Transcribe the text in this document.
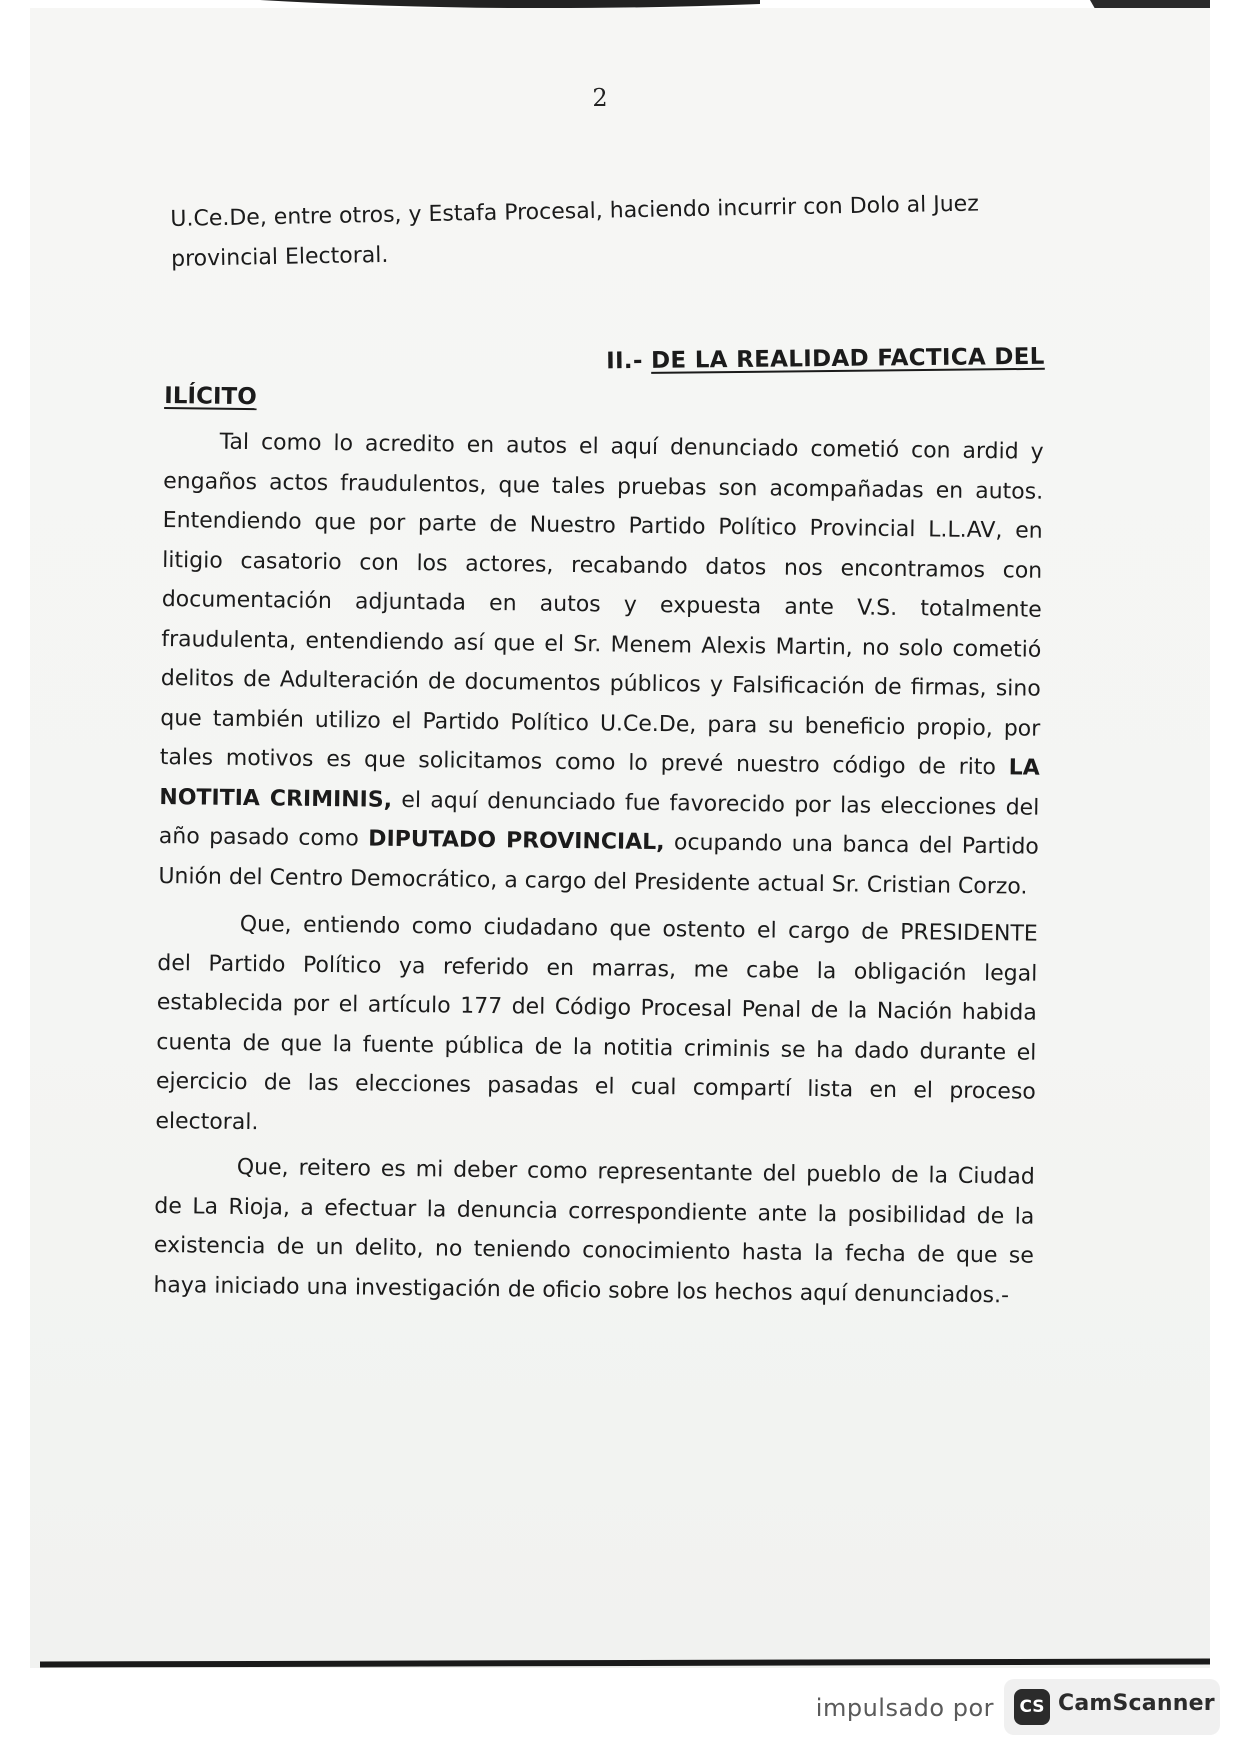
2

U.Ce.De, entre otros, y Estafa Procesal, haciendo incurrir con Dolo al Juez provincial Electoral.

II.- DE LA REALIDAD FACTICA DEL

ILÍCITO

Tal como lo acredito en autos el aquí denunciado cometió con ardid y engaños actos fraudulentos, que tales pruebas son acompañadas en autos. Entendiendo que por parte de Nuestro Partido Político Provincial L.L.AV, en litigio casatorio con los actores, recabando datos nos encontramos con documentación adjuntada en autos y expuesta ante V.S. totalmente fraudulenta, entendiendo así que el Sr. Menem Alexis Martin, no solo cometió delitos de Adulteración de documentos públicos y Falsificación de firmas, sino que también utilizo el Partido Político U.Ce.De, para su beneficio propio, por tales motivos es que solicitamos como lo prevé nuestro código de rito LA NOTITIA CRIMINIS, el aquí denunciado fue favorecido por las elecciones del año pasado como DIPUTADO PROVINCIAL, ocupando una banca del Partido Unión del Centro Democrático, a cargo del Presidente actual Sr. Cristian Corzo.

Que, entiendo como ciudadano que ostento el cargo de PRESIDENTE del Partido Político ya referido en marras, me cabe la obligación legal establecida por el artículo 177 del Código Procesal Penal de la Nación habida cuenta de que la fuente pública de la notitia criminis se ha dado durante el ejercicio de las elecciones pasadas el cual compartí lista en el proceso electoral.

Que, reitero es mi deber como representante del pueblo de la Ciudad de La Rioja, a efectuar la denuncia correspondiente ante la posibilidad de la existencia de un delito, no teniendo conocimiento hasta la fecha de que se haya iniciado una investigación de oficio sobre los hechos aquí denunciados.-

impulsado por	CS CamScanner
